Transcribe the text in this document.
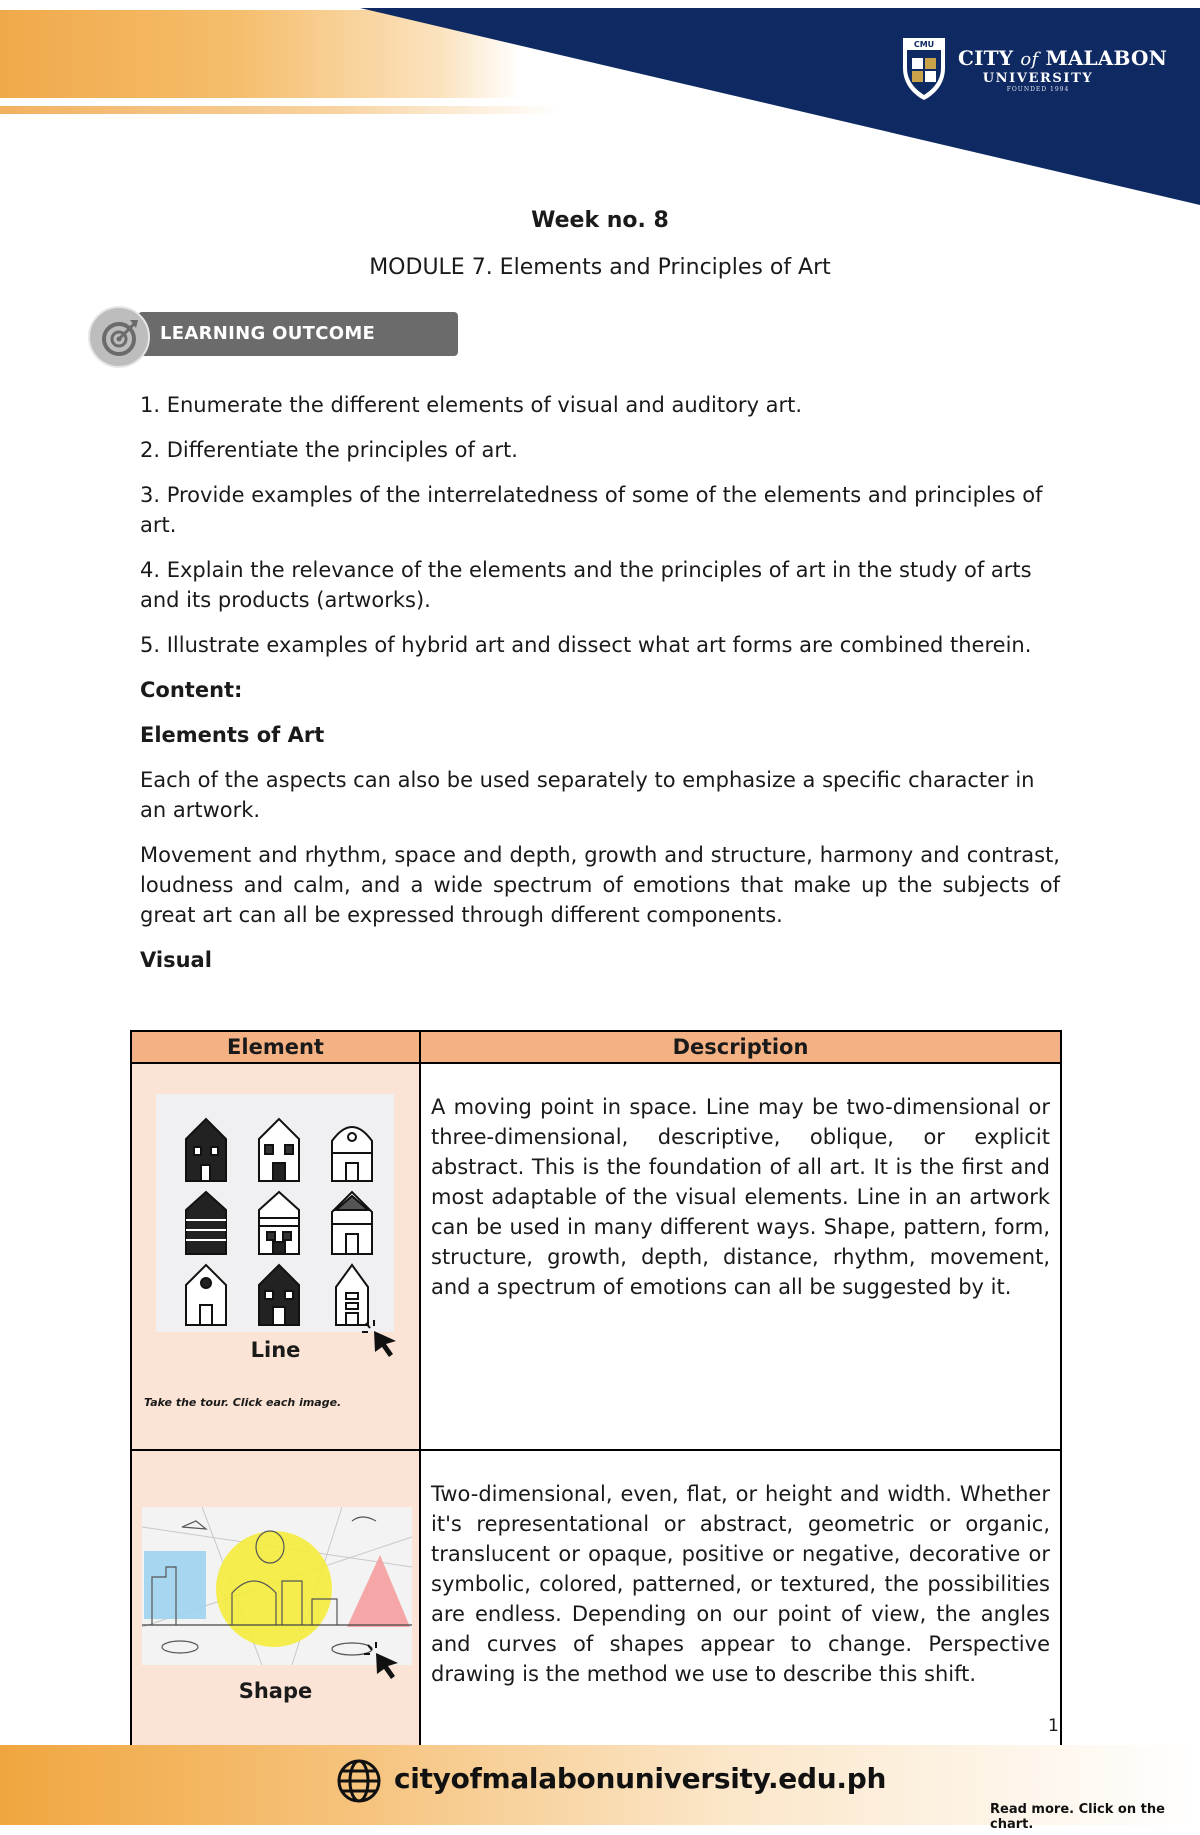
CMU
CITY of MALABON
UNIVERSITY
FOUNDED 1994
Week no. 8
MODULE 7. Elements and Principles of Art
LEARNING OUTCOME

1. Enumerate the different elements of visual and auditory art.

2. Differentiate the principles of art.

3. Provide examples of the interrelatedness of some of the elements and principles of art.

4. Explain the relevance of the elements and the principles of art in the study of arts and its products (artworks).

5. Illustrate examples of hybrid art and dissect what art forms are combined therein.

Content:

Elements of Art

Each of the aspects can also be used separately to emphasize a specific character in an artwork.

Movement and rhythm, space and depth, growth and structure, harmony and contrast, loudness and calm, and a wide spectrum of emotions that make up the subjects of great art can all be expressed through different components.

Visual

Element	Description

Line
Take the tour. Click each image.	A moving point in space. Line may be two-dimensional or three-dimensional, descriptive, oblique, or explicit abstract. This is the foundation of all art. It is the first and most adaptable of the visual elements. Line in an artwork can be used in many different ways. Shape, pattern, form, structure, growth, depth, distance, rhythm, movement, and a spectrum of emotions can all be suggested by it.

Shape	Two-dimensional, even, flat, or height and width. Whether it's representational or abstract, geometric or organic, translucent or opaque, positive or negative, decorative or symbolic, colored, patterned, or textured, the possibilities are endless. Depending on our point of view, the angles and curves of shapes appear to change. Perspective drawing is the method we use to describe this shift.

1
cityofmalabonuniversity.edu.ph
Read more. Click on the chart.
